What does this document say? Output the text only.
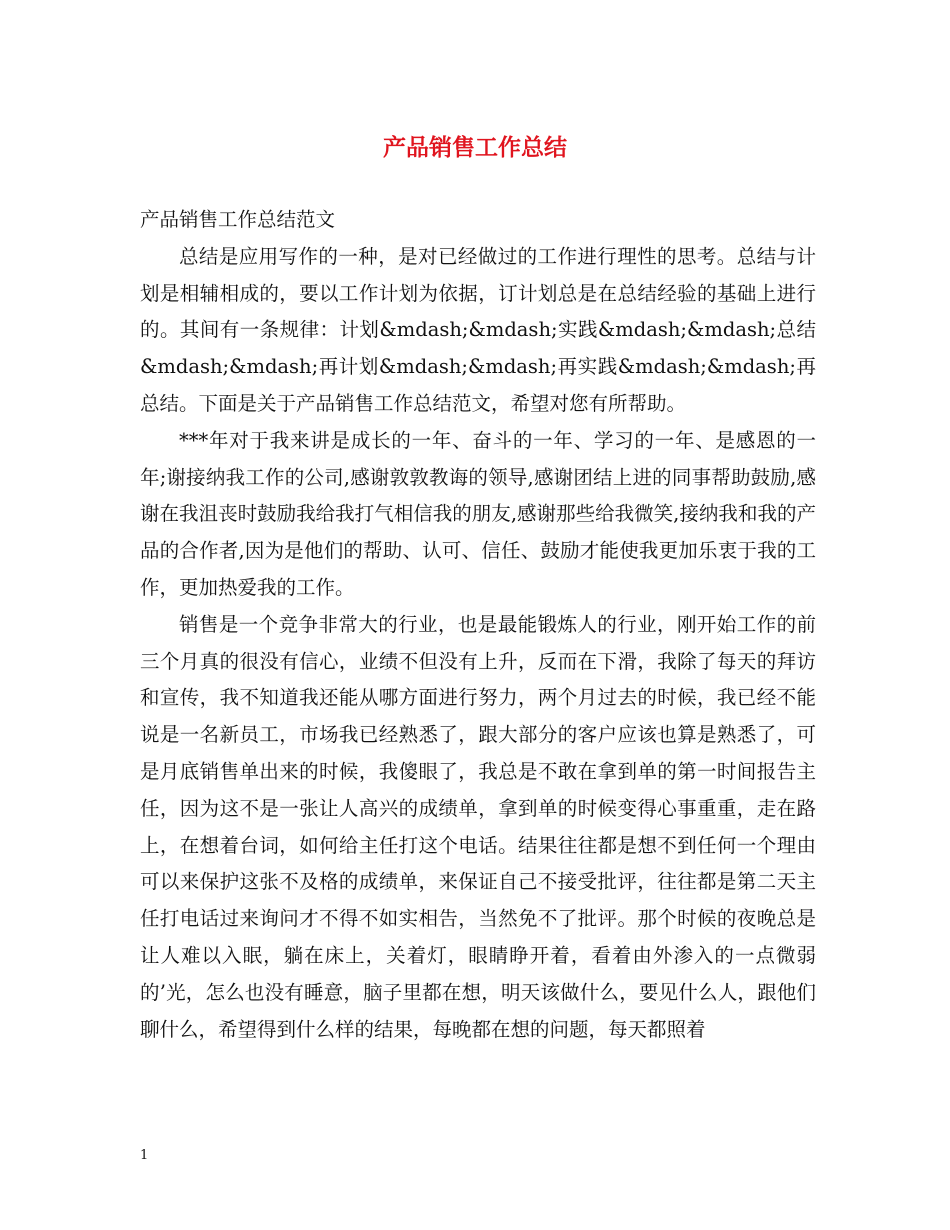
产品销售工作总结

产品销售工作总结范文

总结是应用写作的一种，是对已经做过的工作进行理性的思考。总结与计划是相辅相成的，要以工作计划为依据，订计划总是在总结经验的基础上进行的。其间有一条规律：计划&mdash;&mdash;实践&mdash;&mdash;总结&mdash;&mdash;再计划&mdash;&mdash;再实践&mdash;&mdash;再总结。下面是关于产品销售工作总结范文，希望对您有所帮助。

***年对于我来讲是成长的一年、奋斗的一年、学习的一年、是感恩的一年;谢接纳我工作的公司,感谢敦敦教诲的领导,感谢团结上进的同事帮助鼓励,感谢在我沮丧时鼓励我给我打气相信我的朋友,感谢那些给我微笑,接纳我和我的产品的合作者,因为是他们的帮助、认可、信任、鼓励才能使我更加乐衷于我的工作，更加热爱我的工作。

销售是一个竞争非常大的行业，也是最能锻炼人的行业，刚开始工作的前三个月真的很没有信心，业绩不但没有上升，反而在下滑，我除了每天的拜访和宣传，我不知道我还能从哪方面进行努力，两个月过去的时候，我已经不能说是一名新员工，市场我已经熟悉了，跟大部分的客户应该也算是熟悉了，可是月底销售单出来的时候，我傻眼了，我总是不敢在拿到单的第一时间报告主任，因为这不是一张让人高兴的成绩单，拿到单的时候变得心事重重，走在路上，在想着台词，如何给主任打这个电话。结果往往都是想不到任何一个理由可以来保护这张不及格的成绩单，来保证自己不接受批评，往往都是第二天主任打电话过来询问才不得不如实相告，当然免不了批评。那个时候的夜晚总是让人难以入眠，躺在床上，关着灯，眼睛睁开着，看着由外渗入的一点微弱的’光，怎么也没有睡意，脑子里都在想，明天该做什么，要见什么人，跟他们聊什么，希望得到什么样的结果，每晚都在想的问题，每天都照着

1
